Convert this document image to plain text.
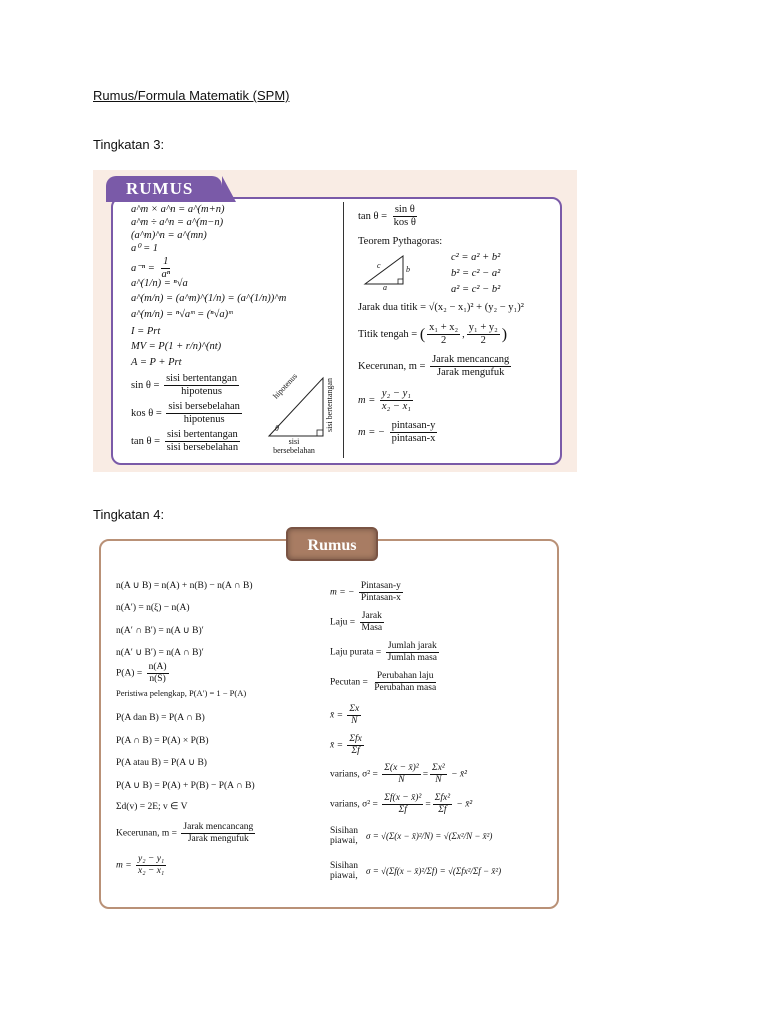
Rumus/Formula Matematik (SPM)
Tingkatan 3:
RUMUS
a^m × a^n = a^(m+n)
a^m ÷ a^n = a^(m−n)
(a^m)^n = a^(mn)
a⁰ = 1
$a^{-n} = \frac{1}{\text{aⁿ}}$
a^(1/n) = ⁿ√a
a^(m/n) = (a^m)^(1/n) = (a^(1/n))^m
a^(m/n) = ⁿ√aᵐ = (ⁿ√a)ᵐ
I = Prt
MV = P(1 + r/n)^(nt)
A = P + Prt
$\sin \theta = \frac{\text{sisi bertentangan}}{\text{hipotenus}}$
kos $\theta = \frac{\text{sisi bersebelahan}}{\text{hipotenus}}$
$\tan \theta = \frac{\text{sisi bertentangan}}{\text{sisi bersebelahan}}$
hipotenus	sisi bertentangan
θ
sisi bersebelahan
$\tan \theta = \frac{\text{sin θ}}{\text{kos θ}}$
Teorem Pythagoras:
c	b
a
c² = a² + b²
b² = c² − a²
a² = c² − b²
Jarak dua titik = √(x₂ − x₁)² + (y₂ − y₁)²
Titik tengah = ( $\frac{\text{x₁ + x₂}}{2}$ , $\frac{\text{y₁ + y₂}}{2}$ )
Kecerunan, $m = \frac{\text{Jarak mencancang}}{\text{Jarak mengufuk}}$
$m = \frac{\text{y₂ − y₁}}{\text{x₂ − x₁}}$
m = − $\frac{\text{pintasan-y}}{\text{pintasan-x}}$
Tingkatan 4:
Rumus
n(A ∪ B) = n(A) + n(B) − n(A ∩ B)
n(A′) = n(ξ) − n(A)
n(A′ ∩ B′) = n(A ∪ B)′
n(A′ ∪ B′) = n(A ∩ B)′
$P(A) = \frac{n(A)}{n(S)}$
Peristiwa pelengkap, P(A′) = 1 − P(A)
P(A dan B) = P(A ∩ B)
P(A ∩ B) = P(A) × P(B)
P(A atau B) = P(A ∪ B)
P(A ∪ B) = P(A) + P(B) − P(A ∩ B)
Σd(v) = 2E; v ∈ V
Kecerunan, $m = \frac{\text{Jarak mencancang}}{\text{Jarak mengufuk}}$
$m = \frac{\text{y₂ − y₁}}{\text{x₂ − x₁}}$
m = − $\frac{\text{Pintasan-y}}{\text{Pintasan-x}}$
Laju = $\frac{\text{Jarak}}{\text{Masa}}$
Laju purata = $\frac{\text{Jumlah jarak}}{\text{Jumlah masa}}$
Pecutan = $\frac{\text{Perubahan laju}}{\text{Perubahan masa}}$
x̄ = $\frac{\Sigma x}{N}$
x̄ = $\frac{\text{Σfx}}{\Sigma f}$
varians, $\sigma^2 = \frac{\text{Σ(x − x̄)²}}{N} = \frac{\text{Σx²}}{N}$ − x̄²
varians, $\sigma^2 = \frac{\text{Σf(x − x̄)²}}{\Sigma f} = \frac{\text{Σfx²}}{\Sigma f}$ − x̄²
Sisihan
piawai,
σ = √(Σ(x − x̄)²/N) = √(Σx²/N − x̄²)
Sisihan
piawai,
σ = √(Σf(x − x̄)²/Σf) = √(Σfx²/Σf − x̄²)
